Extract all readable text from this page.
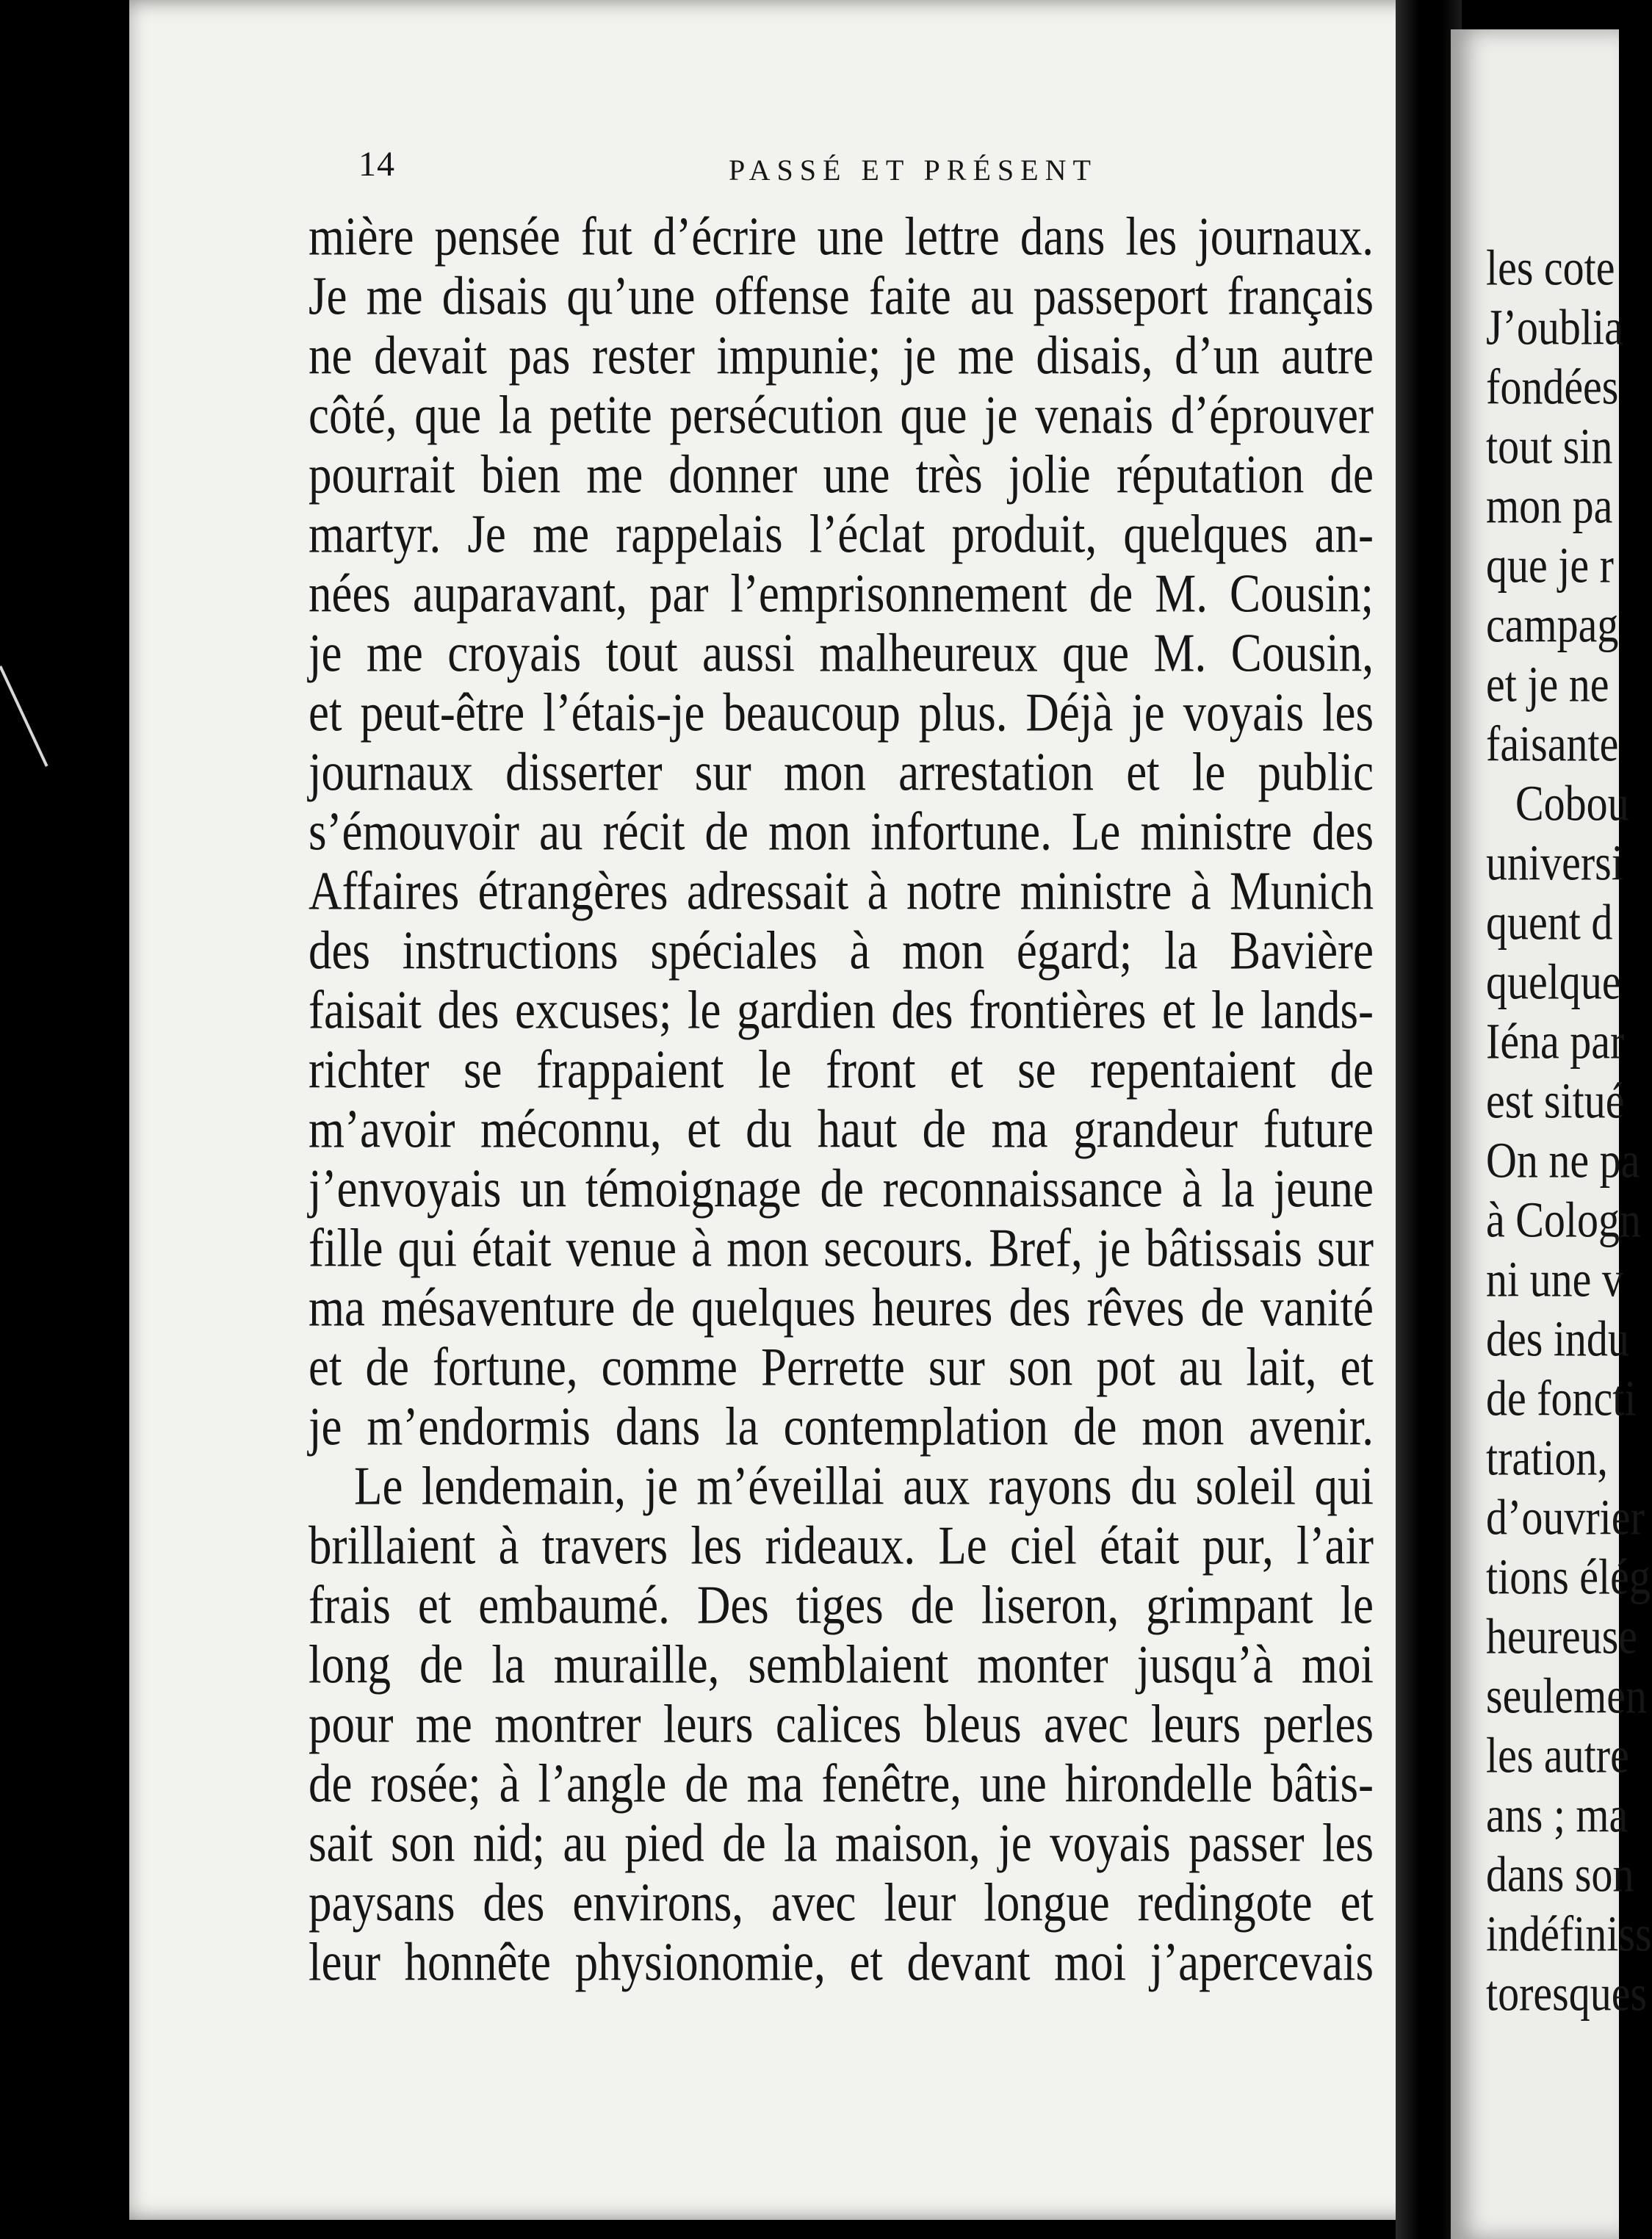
les cote
J’oublia
fondées
tout sin
mon pa
que je r
campag
et je ne
faisante
Cobou
universi
quent d
quelque
Iéna par
est situé
On ne pa
à Cologn
ni une v
des indu
de foncti
tration,
d’ouvrier
tions élég
heureuse
seulemen
les autre
ans ; ma
dans son
indéfiniss
toresques
14	PASSÉ ET PRÉSENT
mière pensée fut d’écrire une lettre dans les journaux.
Je me disais qu’une offense faite au passeport français
ne devait pas rester impunie; je me disais, d’un autre
côté, que la petite persécution que je venais d’éprouver
pourrait bien me donner une très jolie réputation de
martyr. Je me rappelais l’éclat produit, quelques an-
nées auparavant, par l’emprisonnement de M. Cousin;
je me croyais tout aussi malheureux que M. Cousin,
et peut-être l’étais-je beaucoup plus. Déjà je voyais les
journaux disserter sur mon arrestation et le public
s’émouvoir au récit de mon infortune. Le ministre des
Affaires étrangères adressait à notre ministre à Munich
des instructions spéciales à mon égard; la Bavière
faisait des excuses; le gardien des frontières et le lands-
richter se frappaient le front et se repentaient de
m’avoir méconnu, et du haut de ma grandeur future
j’envoyais un témoignage de reconnaissance à la jeune
fille qui était venue à mon secours. Bref, je bâtissais sur
ma mésaventure de quelques heures des rêves de vanité
et de fortune, comme Perrette sur son pot au lait, et
je m’endormis dans la contemplation de mon avenir.
Le lendemain, je m’éveillai aux rayons du soleil qui
brillaient à travers les rideaux. Le ciel était pur, l’air
frais et embaumé. Des tiges de liseron, grimpant le
long de la muraille, semblaient monter jusqu’à moi
pour me montrer leurs calices bleus avec leurs perles
de rosée; à l’angle de ma fenêtre, une hirondelle bâtis-
sait son nid; au pied de la maison, je voyais passer les
paysans des environs, avec leur longue redingote et
leur honnête physionomie, et devant moi j’apercevais
